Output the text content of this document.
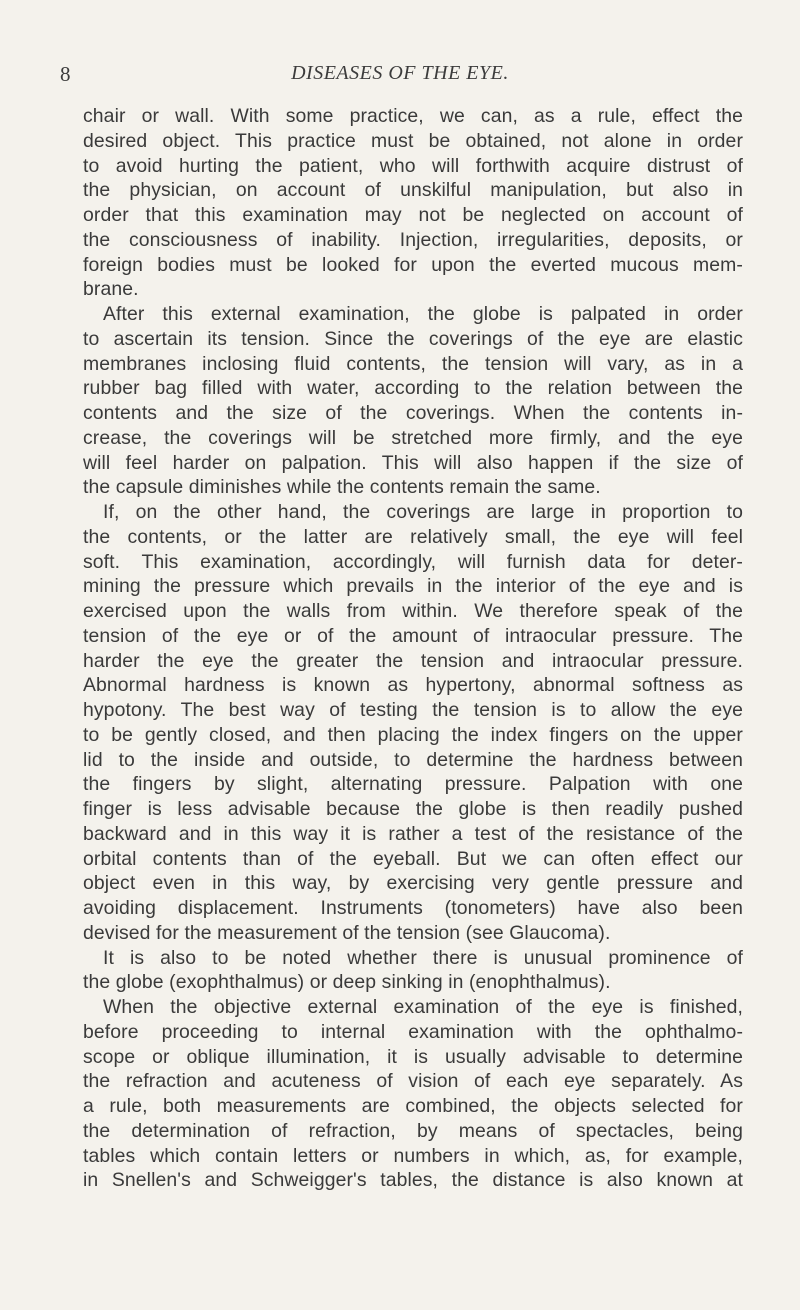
8	DISEASES OF THE EYE.
chair or wall. With some practice, we can, as a rule, effect the
desired object. This practice must be obtained, not alone in order
to avoid hurting the patient, who will forthwith acquire distrust of
the physician, on account of unskilful manipulation, but also in
order that this examination may not be neglected on account of
the consciousness of inability. Injection, irregularities, deposits, or
foreign bodies must be looked for upon the everted mucous mem-
brane.
After this external examination, the globe is palpated in order
to ascertain its tension. Since the coverings of the eye are elastic
membranes inclosing fluid contents, the tension will vary, as in a
rubber bag filled with water, according to the relation between the
contents and the size of the coverings. When the contents in-
crease, the coverings will be stretched more firmly, and the eye
will feel harder on palpation. This will also happen if the size of
the capsule diminishes while the contents remain the same.
If, on the other hand, the coverings are large in proportion to
the contents, or the latter are relatively small, the eye will feel
soft. This examination, accordingly, will furnish data for deter-
mining the pressure which prevails in the interior of the eye and is
exercised upon the walls from within. We therefore speak of the
tension of the eye or of the amount of intraocular pressure. The
harder the eye the greater the tension and intraocular pressure.
Abnormal hardness is known as hypertony, abnormal softness as
hypotony. The best way of testing the tension is to allow the eye
to be gently closed, and then placing the index fingers on the upper
lid to the inside and outside, to determine the hardness between
the fingers by slight, alternating pressure. Palpation with one
finger is less advisable because the globe is then readily pushed
backward and in this way it is rather a test of the resistance of the
orbital contents than of the eyeball. But we can often effect our
object even in this way, by exercising very gentle pressure and
avoiding displacement. Instruments (tonometers) have also been
devised for the measurement of the tension (see Glaucoma).
It is also to be noted whether there is unusual prominence of
the globe (exophthalmus) or deep sinking in (enophthalmus).
When the objective external examination of the eye is finished,
before proceeding to internal examination with the ophthalmo-
scope or oblique illumination, it is usually advisable to determine
the refraction and acuteness of vision of each eye separately. As
a rule, both measurements are combined, the objects selected for
the determination of refraction, by means of spectacles, being
tables which contain letters or numbers in which, as, for example,
in Snellen's and Schweigger's tables, the distance is also known at
